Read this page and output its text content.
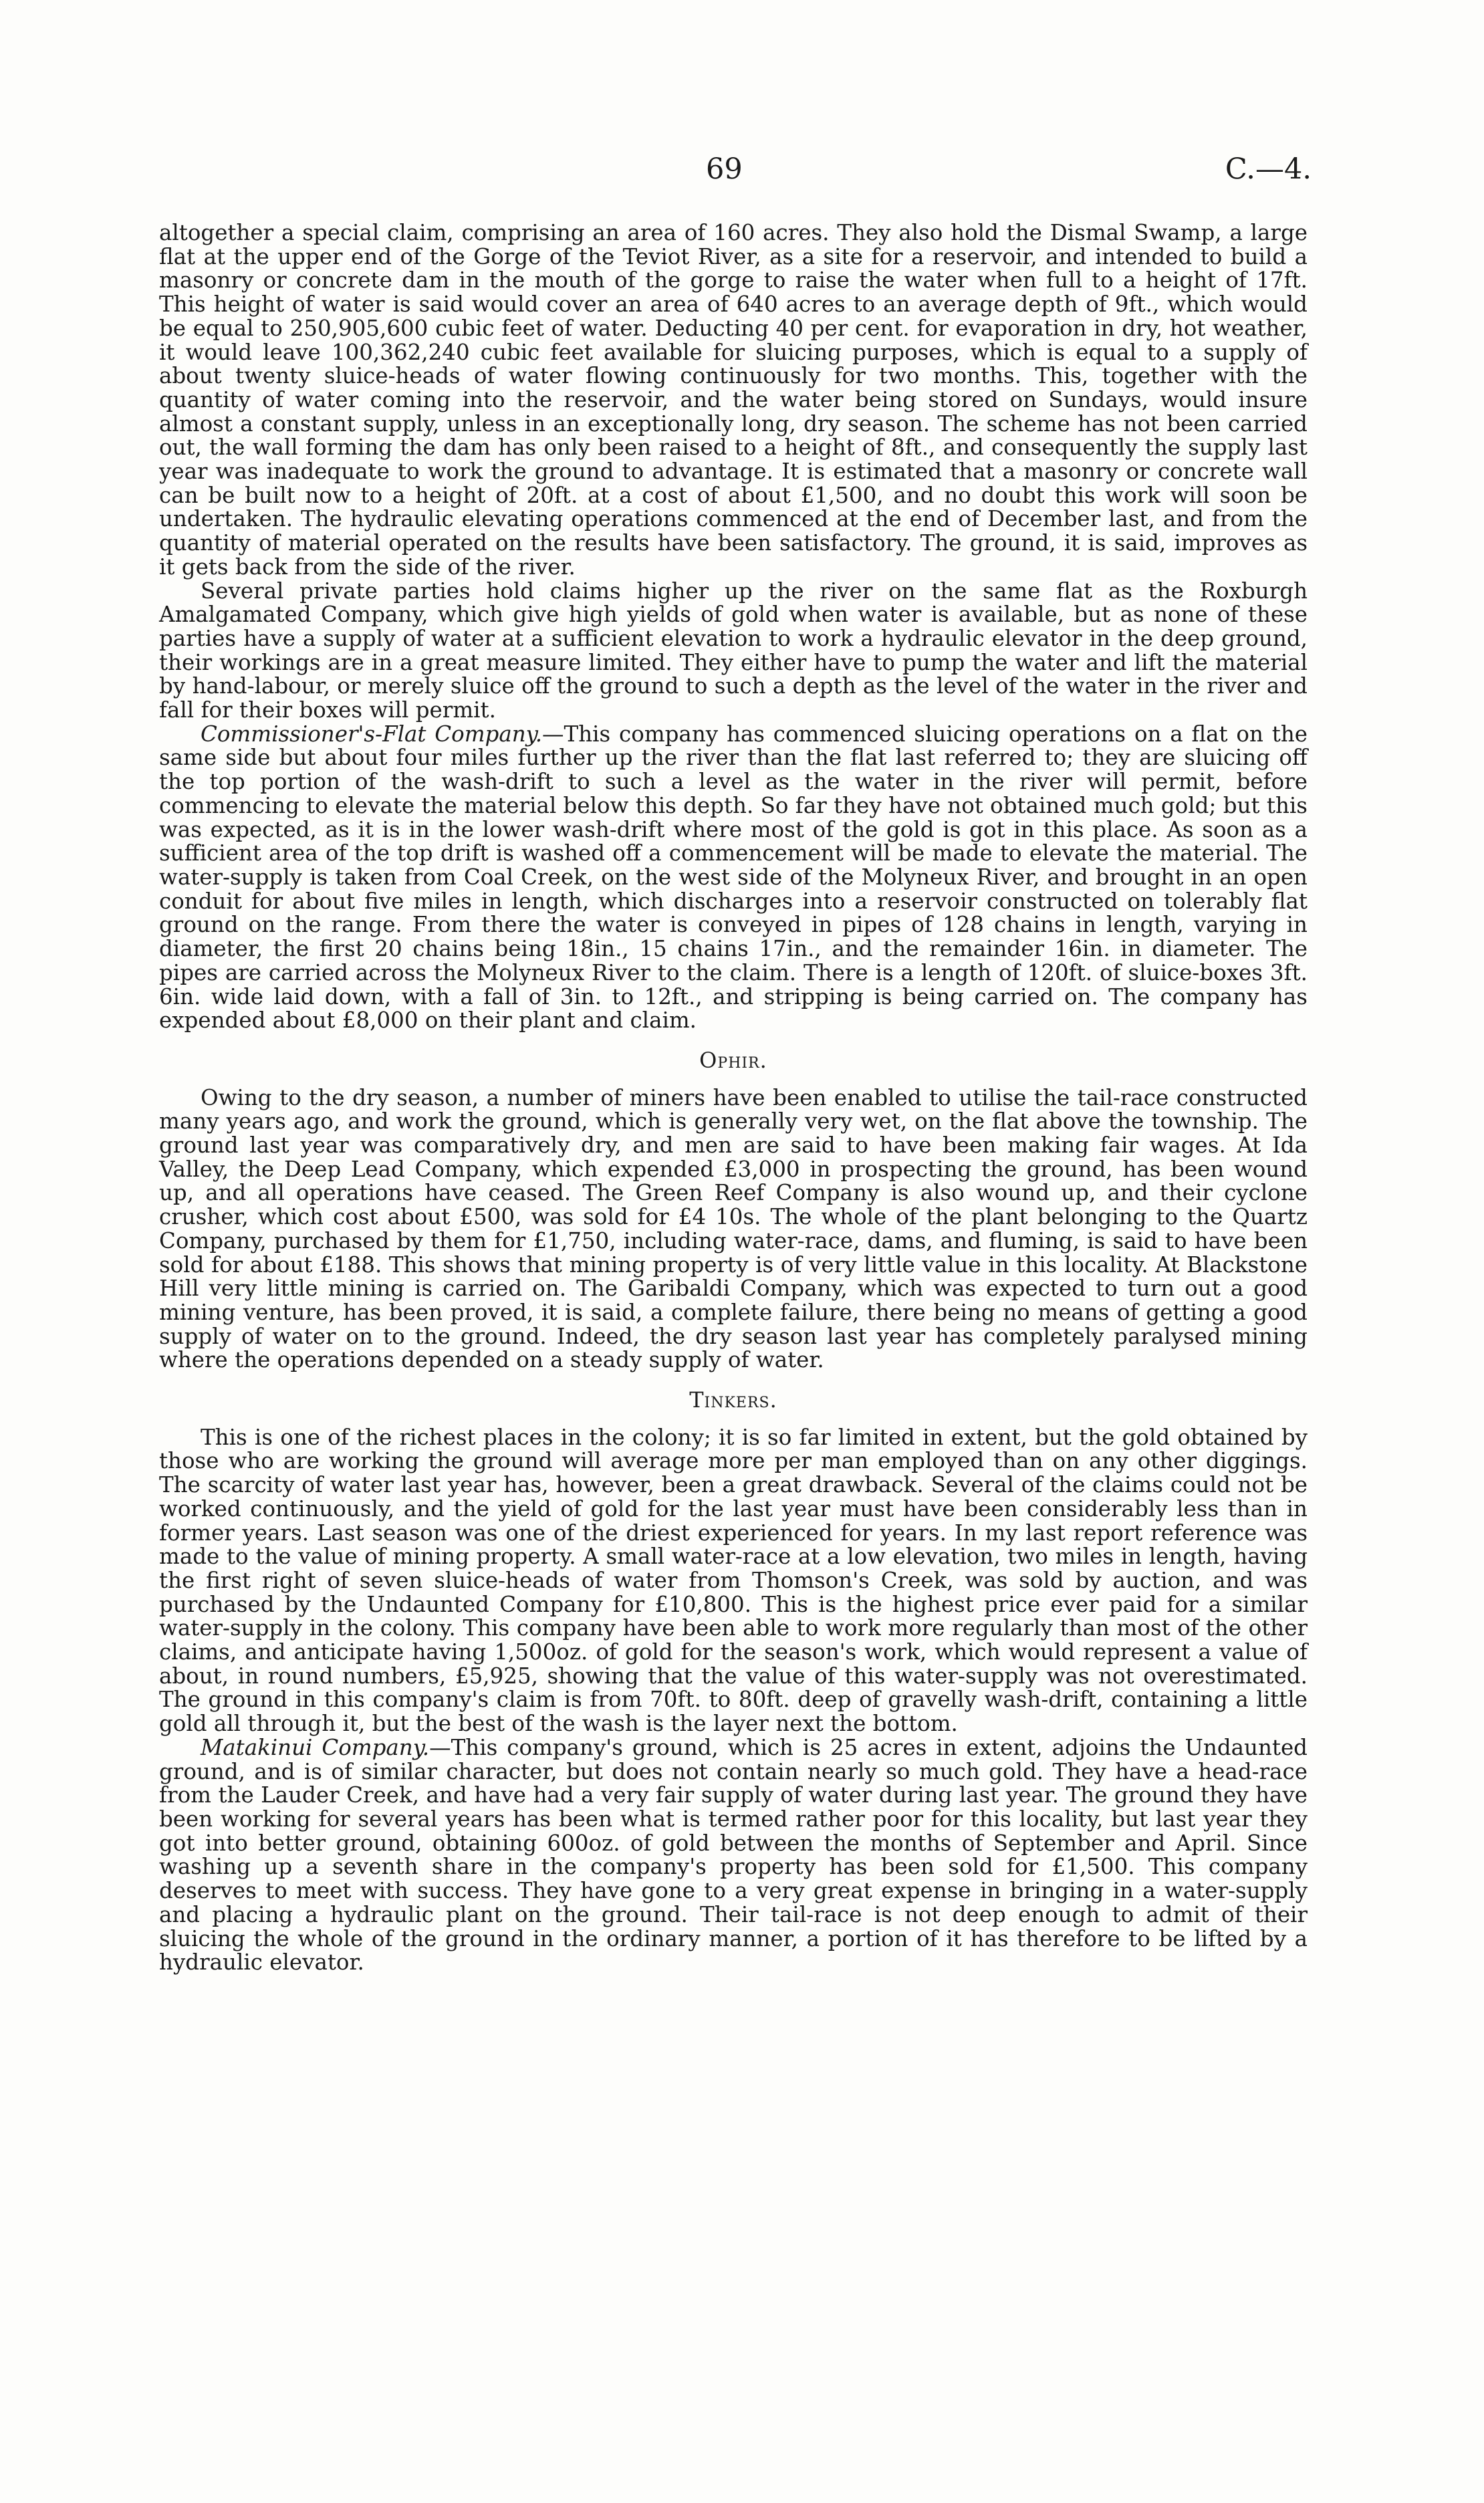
69	C.—4.

altogether a special claim, comprising an area of 160 acres. They also hold the Dismal Swamp, a large flat at the upper end of the Gorge of the Teviot River, as a site for a reservoir, and intended to build a masonry or concrete dam in the mouth of the gorge to raise the water when full to a height of 17ft. This height of water is said would cover an area of 640 acres to an average depth of 9ft., which would be equal to 250,905,600 cubic feet of water. Deducting 40 per cent. for evaporation in dry, hot weather, it would leave 100,362,240 cubic feet available for sluicing purposes, which is equal to a supply of about twenty sluice-heads of water flowing continuously for two months. This, together with the quantity of water coming into the reservoir, and the water being stored on Sundays, would insure almost a constant supply, unless in an exceptionally long, dry season. The scheme has not been carried out, the wall forming the dam has only been raised to a height of 8ft., and consequently the supply last year was inadequate to work the ground to advantage. It is estimated that a masonry or concrete wall can be built now to a height of 20ft. at a cost of about £1,500, and no doubt this work will soon be undertaken. The hydraulic elevating operations commenced at the end of December last, and from the quantity of material operated on the results have been satisfactory. The ground, it is said, improves as it gets back from the side of the river.

Several private parties hold claims higher up the river on the same flat as the Roxburgh Amalgamated Company, which give high yields of gold when water is available, but as none of these parties have a supply of water at a sufficient elevation to work a hydraulic elevator in the deep ground, their workings are in a great measure limited. They either have to pump the water and lift the material by hand-labour, or merely sluice off the ground to such a depth as the level of the water in the river and fall for their boxes will permit.

Commissioner's-Flat Company.—This company has commenced sluicing operations on a flat on the same side but about four miles further up the river than the flat last referred to; they are sluicing off the top portion of the wash-drift to such a level as the water in the river will permit, before commencing to elevate the material below this depth. So far they have not obtained much gold; but this was expected, as it is in the lower wash-drift where most of the gold is got in this place. As soon as a sufficient area of the top drift is washed off a commencement will be made to elevate the material. The water-supply is taken from Coal Creek, on the west side of the Molyneux River, and brought in an open conduit for about five miles in length, which discharges into a reservoir constructed on tolerably flat ground on the range. From there the water is conveyed in pipes of 128 chains in length, varying in diameter, the first 20 chains being 18in., 15 chains 17in., and the remainder 16in. in diameter. The pipes are carried across the Molyneux River to the claim. There is a length of 120ft. of sluice-boxes 3ft. 6in. wide laid down, with a fall of 3in. to 12ft., and stripping is being carried on. The company has expended about £8,000 on their plant and claim.

Ophir.

Owing to the dry season, a number of miners have been enabled to utilise the tail-race constructed many years ago, and work the ground, which is generally very wet, on the flat above the township. The ground last year was comparatively dry, and men are said to have been making fair wages. At Ida Valley, the Deep Lead Company, which expended £3,000 in prospecting the ground, has been wound up, and all operations have ceased. The Green Reef Company is also wound up, and their cyclone crusher, which cost about £500, was sold for £4 10s. The whole of the plant belonging to the Quartz Company, purchased by them for £1,750, including water-race, dams, and fluming, is said to have been sold for about £188. This shows that mining property is of very little value in this locality. At Blackstone Hill very little mining is carried on. The Garibaldi Company, which was expected to turn out a good mining venture, has been proved, it is said, a complete failure, there being no means of getting a good supply of water on to the ground. Indeed, the dry season last year has completely paralysed mining where the operations depended on a steady supply of water.

Tinkers.

This is one of the richest places in the colony; it is so far limited in extent, but the gold obtained by those who are working the ground will average more per man employed than on any other diggings. The scarcity of water last year has, however, been a great drawback. Several of the claims could not be worked continuously, and the yield of gold for the last year must have been considerably less than in former years. Last season was one of the driest experienced for years. In my last report reference was made to the value of mining property. A small water-race at a low elevation, two miles in length, having the first right of seven sluice-heads of water from Thomson's Creek, was sold by auction, and was purchased by the Undaunted Company for £10,800. This is the highest price ever paid for a similar water-supply in the colony. This company have been able to work more regularly than most of the other claims, and anticipate having 1,500oz. of gold for the season's work, which would represent a value of about, in round numbers, £5,925, showing that the value of this water-supply was not overestimated. The ground in this company's claim is from 70ft. to 80ft. deep of gravelly wash-drift, containing a little gold all through it, but the best of the wash is the layer next the bottom.

Matakinui Company.—This company's ground, which is 25 acres in extent, adjoins the Undaunted ground, and is of similar character, but does not contain nearly so much gold. They have a head-race from the Lauder Creek, and have had a very fair supply of water during last year. The ground they have been working for several years has been what is termed rather poor for this locality, but last year they got into better ground, obtaining 600oz. of gold between the months of September and April. Since washing up a seventh share in the company's property has been sold for £1,500. This company deserves to meet with success. They have gone to a very great expense in bringing in a water-supply and placing a hydraulic plant on the ground. Their tail-race is not deep enough to admit of their sluicing the whole of the ground in the ordinary manner, a portion of it has therefore to be lifted by a hydraulic elevator.
